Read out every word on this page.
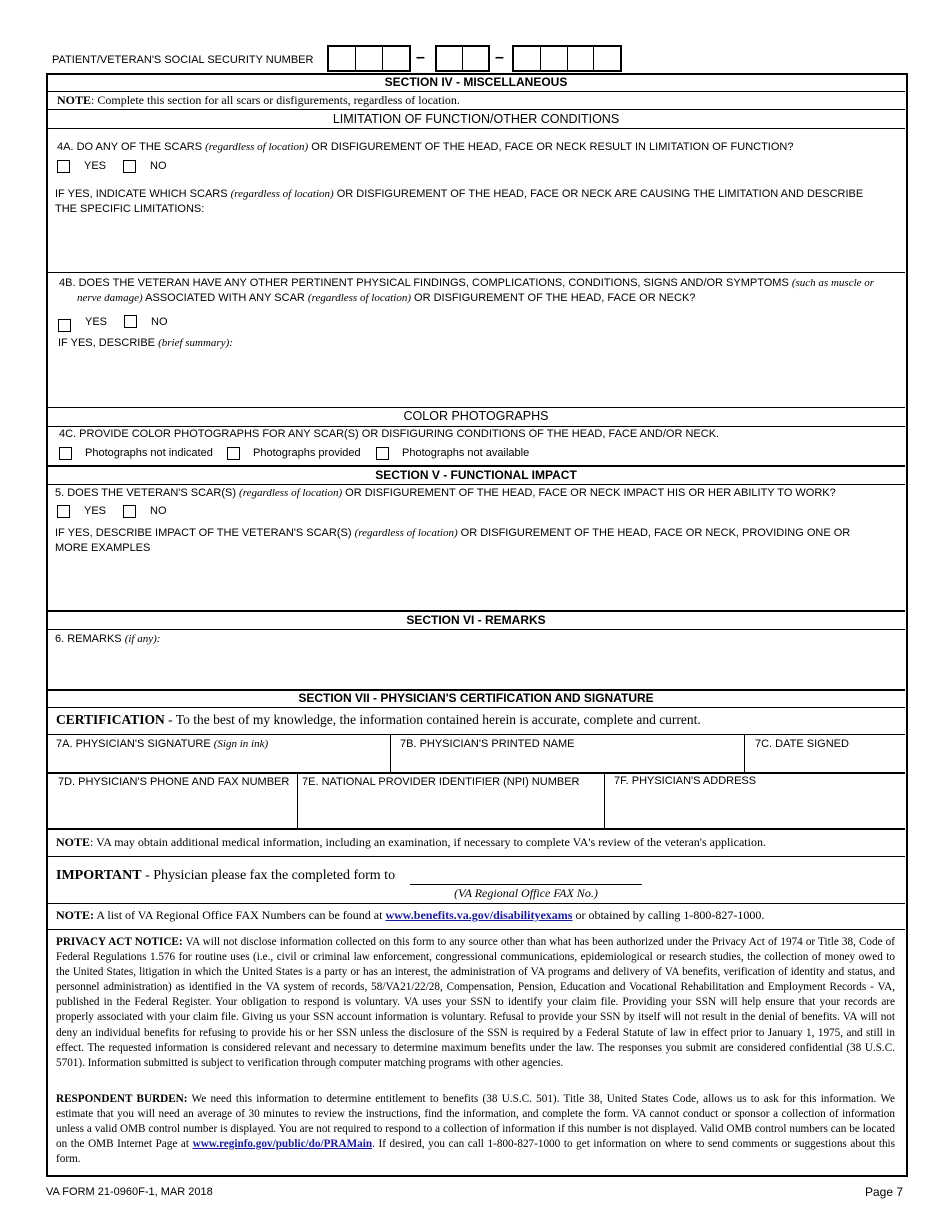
PATIENT/VETERAN'S SOCIAL SECURITY NUMBER	–	–
SECTION IV - MISCELLANEOUS
NOTE: Complete this section for all scars or disfigurements, regardless of location.
LIMITATION OF FUNCTION/OTHER CONDITIONS
4A. DO ANY OF THE SCARS (regardless of location) OR DISFIGUREMENT OF THE HEAD, FACE OR NECK RESULT IN LIMITATION OF FUNCTION?
YES	NO
IF YES, INDICATE WHICH SCARS (regardless of location) OR DISFIGUREMENT OF THE HEAD, FACE OR NECK ARE CAUSING THE LIMITATION AND DESCRIBE
THE SPECIFIC LIMITATIONS:
4B. DOES THE VETERAN HAVE ANY OTHER PERTINENT PHYSICAL FINDINGS, COMPLICATIONS, CONDITIONS, SIGNS AND/OR SYMPTOMS (such as muscle or
nerve damage) ASSOCIATED WITH ANY SCAR (regardless of location) OR DISFIGUREMENT OF THE HEAD, FACE OR NECK?
YES	NO
IF YES, DESCRIBE (brief summary):
COLOR PHOTOGRAPHS
4C. PROVIDE COLOR PHOTOGRAPHS FOR ANY SCAR(S) OR DISFIGURING CONDITIONS OF THE HEAD, FACE AND/OR NECK.
Photographs not indicated	Photographs provided	Photographs not available
SECTION V - FUNCTIONAL IMPACT
5. DOES THE VETERAN'S SCAR(S) (regardless of location) OR DISFIGUREMENT OF THE HEAD, FACE OR NECK IMPACT HIS OR HER ABILITY TO WORK?
YES	NO
IF YES, DESCRIBE IMPACT OF THE VETERAN'S SCAR(S) (regardless of location) OR DISFIGUREMENT OF THE HEAD, FACE OR NECK, PROVIDING ONE OR
MORE EXAMPLES
SECTION VI - REMARKS
6. REMARKS (if any):
SECTION VII - PHYSICIAN'S CERTIFICATION AND SIGNATURE
CERTIFICATION - To the best of my knowledge, the information contained herein is accurate, complete and current.
7A. PHYSICIAN'S SIGNATURE (Sign in ink)	7B. PHYSICIAN'S PRINTED NAME	7C. DATE SIGNED
7D. PHYSICIAN'S PHONE AND FAX NUMBER 7E. NATIONAL PROVIDER IDENTIFIER (NPI) NUMBER	7F. PHYSICIAN'S ADDRESS
NOTE: VA may obtain additional medical information, including an examination, if necessary to complete VA's review of the veteran's application.
IMPORTANT - Physician please fax the completed form to
(VA Regional Office FAX No.)
NOTE: A list of VA Regional Office FAX Numbers can be found at www.benefits.va.gov/disabilityexams or obtained by calling 1-800-827-1000.
PRIVACY ACT NOTICE: VA will not disclose information collected on this form to any source other than what has been authorized under the Privacy Act of 1974 or Title 38, Code of Federal Regulations 1.576 for routine uses (i.e., civil or criminal law enforcement, congressional communications, epidemiological or research studies, the collection of money owed to the United States, litigation in which the United States is a party or has an interest, the administration of VA programs and delivery of VA benefits, verification of identity and status, and personnel administration) as identified in the VA system of records, 58/VA21/22/28, Compensation, Pension, Education and Vocational Rehabilitation and Employment Records - VA, published in the Federal Register. Your obligation to respond is voluntary. VA uses your SSN to identify your claim file. Providing your SSN will help ensure that your records are properly associated with your claim file. Giving us your SSN account information is voluntary. Refusal to provide your SSN by itself will not result in the denial of benefits. VA will not deny an individual benefits for refusing to provide his or her SSN unless the disclosure of the SSN is required by a Federal Statute of law in effect prior to January 1, 1975, and still in effect. The requested information is considered relevant and necessary to determine maximum benefits under the law. The responses you submit are considered confidential (38 U.S.C. 5701). Information submitted is subject to verification through computer matching programs with other agencies.
RESPONDENT BURDEN: We need this information to determine entitlement to benefits (38 U.S.C. 501). Title 38, United States Code, allows us to ask for this information. We estimate that you will need an average of 30 minutes to review the instructions, find the information, and complete the form. VA cannot conduct or sponsor a collection of information unless a valid OMB control number is displayed. You are not required to respond to a collection of information if this number is not displayed. Valid OMB control numbers can be located on the OMB Internet Page at www.reginfo.gov/public/do/PRAMain. If desired, you can call 1-800-827-1000 to get information on where to send comments or suggestions about this form.
VA FORM 21-0960F-1, MAR 2018	Page 7
